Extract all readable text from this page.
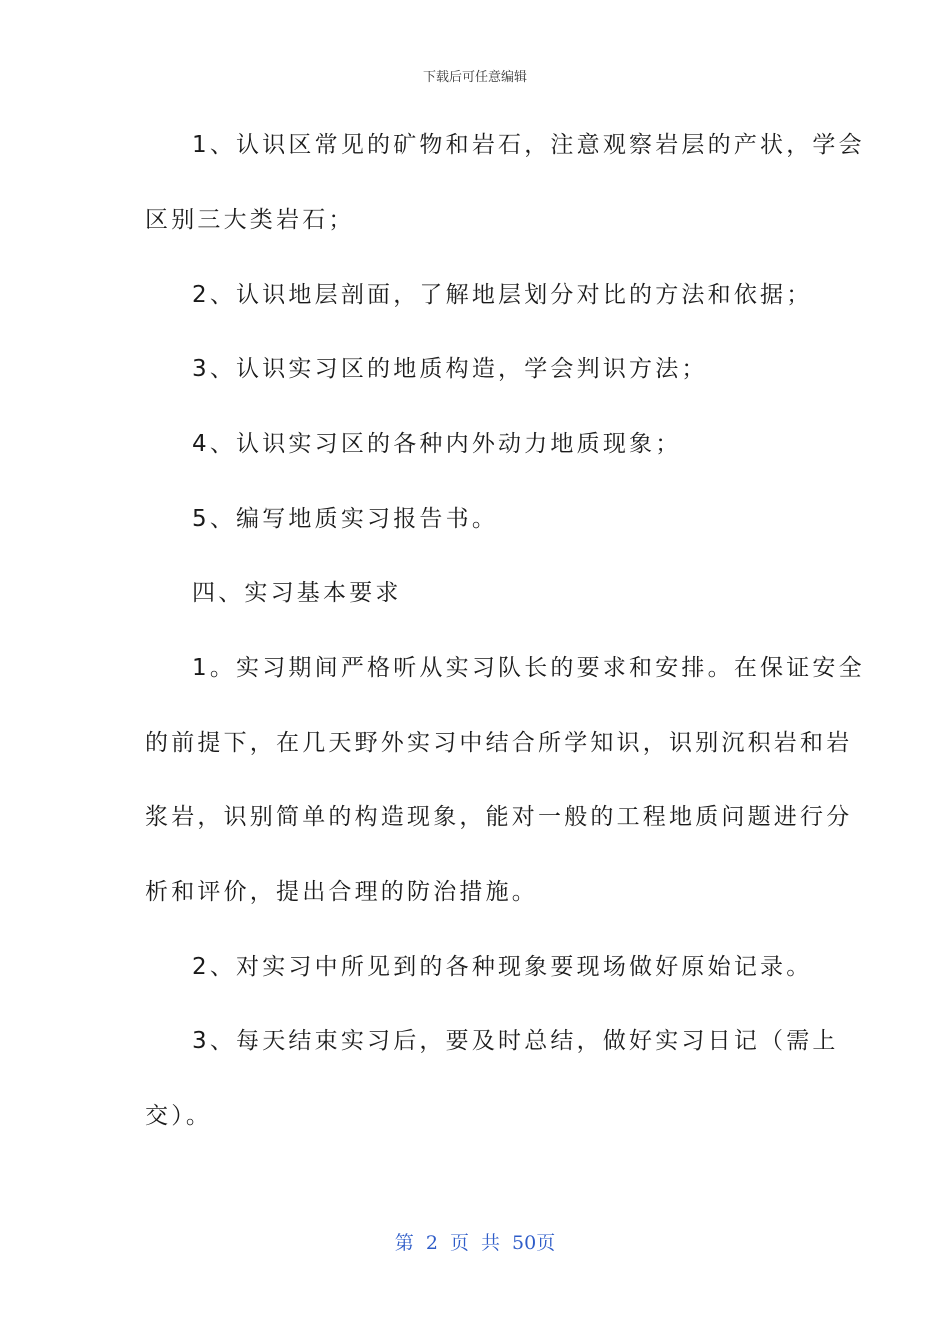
下载后可任意编辑
1、认识区常见的矿物和岩石，注意观察岩层的产状，学会
区别三大类岩石；
2、认识地层剖面，了解地层划分对比的方法和依据；
3、认识实习区的地质构造，学会判识方法；
4、认识实习区的各种内外动力地质现象；
5、编写地质实习报告书。
四、实习基本要求
1。实习期间严格听从实习队长的要求和安排。在保证安全
的前提下，在几天野外实习中结合所学知识，识别沉积岩和岩
浆岩，识别简单的构造现象，能对一般的工程地质问题进行分
析和评价，提出合理的防治措施。
2、对实习中所见到的各种现象要现场做好原始记录。
3、每天结束实习后，要及时总结，做好实习日记（需上
交）。
第 2 页 共 50页
